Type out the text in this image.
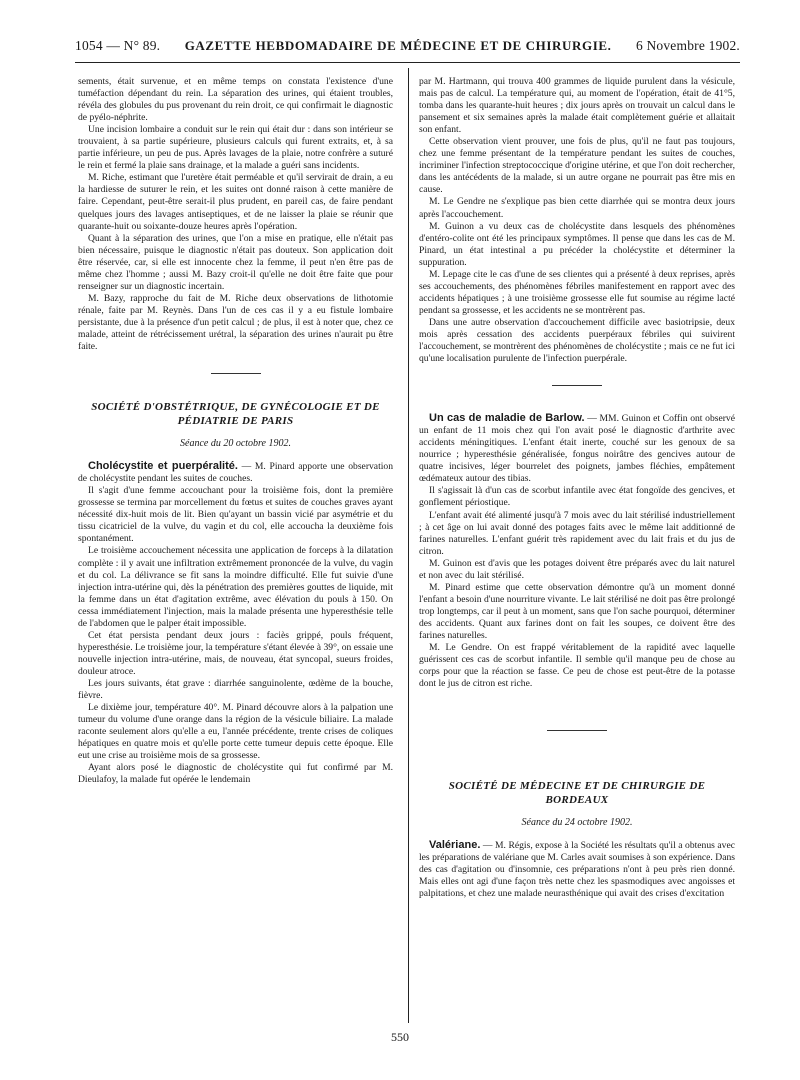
1054 — N° 89. GAZETTE HEBDOMADAIRE DE MÉDECINE ET DE CHIRURGIE. 6 Novembre 1902.

sements, était survenue, et en même temps on constata l'existence d'une tuméfaction dépendant du rein. La séparation des urines, qui étaient troubles, révéla des globules du pus provenant du rein droit, ce qui confirmait le diagnostic de pyélo-néphrite.

Une incision lombaire a conduit sur le rein qui était dur : dans son intérieur se trouvaient, à sa partie supérieure, plusieurs calculs qui furent extraits, et, à sa partie inférieure, un peu de pus. Après lavages de la plaie, notre confrère a suturé le rein et fermé la plaie sans drainage, et la malade a guéri sans incidents.

M. Riche, estimant que l'uretère était perméable et qu'il servirait de drain, a eu la hardiesse de suturer le rein, et les suites ont donné raison à cette manière de faire. Cependant, peut-être serait-il plus prudent, en pareil cas, de faire pendant quelques jours des lavages antiseptiques, et de ne laisser la plaie se réunir que quarante-huit ou soixante-douze heures après l'opération.

Quant à la séparation des urines, que l'on a mise en pratique, elle n'était pas bien nécessaire, puisque le diagnostic n'était pas douteux. Son application doit être réservée, car, si elle est innocente chez la femme, il peut n'en être pas de même chez l'homme ; aussi M. Bazy croit-il qu'elle ne doit être faite que pour renseigner sur un diagnostic incertain.

M. Bazy, rapproche du fait de M. Riche deux observations de lithotomie rénale, faite par M. Reynès. Dans l'un de ces cas il y a eu fistule lombaire persistante, due à la présence d'un petit calcul ; de plus, il est à noter que, chez ce malade, atteint de rétrécissement urétral, la séparation des urines n'aurait pu être faite.

SOCIÉTÉ D'OBSTÉTRIQUE, DE GYNÉCOLOGIE ET DE PÉDIATRIE DE PARIS
Séance du 20 octobre 1902.

Cholécystite et puerpéralité. — M. Pinard apporte une observation de cholécystite pendant les suites de couches.

Il s'agit d'une femme accouchant pour la troisième fois, dont la première grossesse se termina par morcellement du fœtus et suites de couches graves ayant nécessité dix-huit mois de lit. Bien qu'ayant un bassin vicié par asymétrie et du tissu cicatriciel de la vulve, du vagin et du col, elle accoucha la deuxième fois spontanément.

Le troisième accouchement nécessita une application de forceps à la dilatation complète : il y avait une infiltration extrêmement prononcée de la vulve, du vagin et du col. La délivrance se fit sans la moindre difficulté. Elle fut suivie d'une injection intra-utérine qui, dès la pénétration des premières gouttes de liquide, mit la femme dans un état d'agitation extrême, avec élévation du pouls à 150. On cessa immédiatement l'injection, mais la malade présenta une hyperesthésie telle de l'abdomen que le palper était impossible.

Cet état persista pendant deux jours : faciès grippé, pouls fréquent, hyperesthésie. Le troisième jour, la température s'étant élevée à 39°, on essaie une nouvelle injection intra-utérine, mais, de nouveau, état syncopal, sueurs froides, douleur atroce.

Les jours suivants, état grave : diarrhée sanguinolente, œdème de la bouche, fièvre.

Le dixième jour, température 40°. M. Pinard découvre alors à la palpation une tumeur du volume d'une orange dans la région de la vésicule biliaire. La malade raconte seulement alors qu'elle a eu, l'année précédente, trente crises de coliques hépatiques en quatre mois et qu'elle porte cette tumeur depuis cette époque. Elle eut une crise au troisième mois de sa grossesse.

Ayant alors posé le diagnostic de cholécystite qui fut confirmé par M. Dieulafoy, la malade fut opérée le lendemain

par M. Hartmann, qui trouva 400 grammes de liquide purulent dans la vésicule, mais pas de calcul. La température qui, au moment de l'opération, était de 41°5, tomba dans les quarante-huit heures ; dix jours après on trouvait un calcul dans le pansement et six semaines après la malade était complètement guérie et allaitait son enfant.

Cette observation vient prouver, une fois de plus, qu'il ne faut pas toujours, chez une femme présentant de la température pendant les suites de couches, incriminer l'infection streptococcique d'origine utérine, et que l'on doit rechercher, dans les antécédents de la malade, si un autre organe ne pourrait pas être mis en cause.

M. Le Gendre ne s'explique pas bien cette diarrhée qui se montra deux jours après l'accouchement.

M. Guinon a vu deux cas de cholécystite dans lesquels des phénomènes d'entéro-colite ont été les principaux symptômes. Il pense que dans les cas de M. Pinard, un état intestinal a pu précéder la cholécystite et déterminer la suppuration.

M. Lepage cite le cas d'une de ses clientes qui a présenté à deux reprises, après ses accouchements, des phénomènes fébriles manifestement en rapport avec des accidents hépatiques ; à une troisième grossesse elle fut soumise au régime lacté pendant sa grossesse, et les accidents ne se montrèrent pas.

Dans une autre observation d'accouchement difficile avec basiotripsie, deux mois après cessation des accidents puerpéraux fébriles qui suivirent l'accouchement, se montrèrent des phénomènes de cholécystite ; mais ce ne fut ici qu'une localisation purulente de l'infection puerpérale.

Un cas de maladie de Barlow. — MM. Guinon et Coffin ont observé un enfant de 11 mois chez qui l'on avait posé le diagnostic d'arthrite avec accidents méningitiques. L'enfant était inerte, couché sur les genoux de sa nourrice ; hyperesthésie généralisée, fongus noirâtre des gencives autour de quatre incisives, léger bourrelet des poignets, jambes fléchies, empâtement œdémateux autour des tibias.

Il s'agissait là d'un cas de scorbut infantile avec état fongoïde des gencives, et gonflement périostique.

L'enfant avait été alimenté jusqu'à 7 mois avec du lait stérilisé industriellement ; à cet âge on lui avait donné des potages faits avec le même lait additionné de farines naturelles. L'enfant guérit très rapidement avec du lait frais et du jus de citron.

M. Guinon est d'avis que les potages doivent être préparés avec du lait naturel et non avec du lait stérilisé.

M. Pinard estime que cette observation démontre qu'à un moment donné l'enfant a besoin d'une nourriture vivante. Le lait stérilisé ne doit pas être prolongé trop longtemps, car il peut à un moment, sans que l'on sache pourquoi, déterminer des accidents. Quant aux farines dont on fait les soupes, ce doivent être des farines naturelles.

M. Le Gendre. On est frappé véritablement de la rapidité avec laquelle guérissent ces cas de scorbut infantile. Il semble qu'il manque peu de chose au corps pour que la réaction se fasse. Ce peu de chose est peut-être de la potasse dont le jus de citron est riche.

SOCIÉTÉ DE MÉDECINE ET DE CHIRURGIE DE BORDEAUX
Séance du 24 octobre 1902.

Valériane. — M. Régis, expose à la Société les résultats qu'il a obtenus avec les préparations de valériane que M. Carles avait soumises à son expérience. Dans des cas d'agitation ou d'insomnie, ces préparations n'ont à peu près rien donné. Mais elles ont agi d'une façon très nette chez les spasmodiques avec angoisses et palpitations, et chez une malade neurasthénique qui avait des crises d'excitation

550
